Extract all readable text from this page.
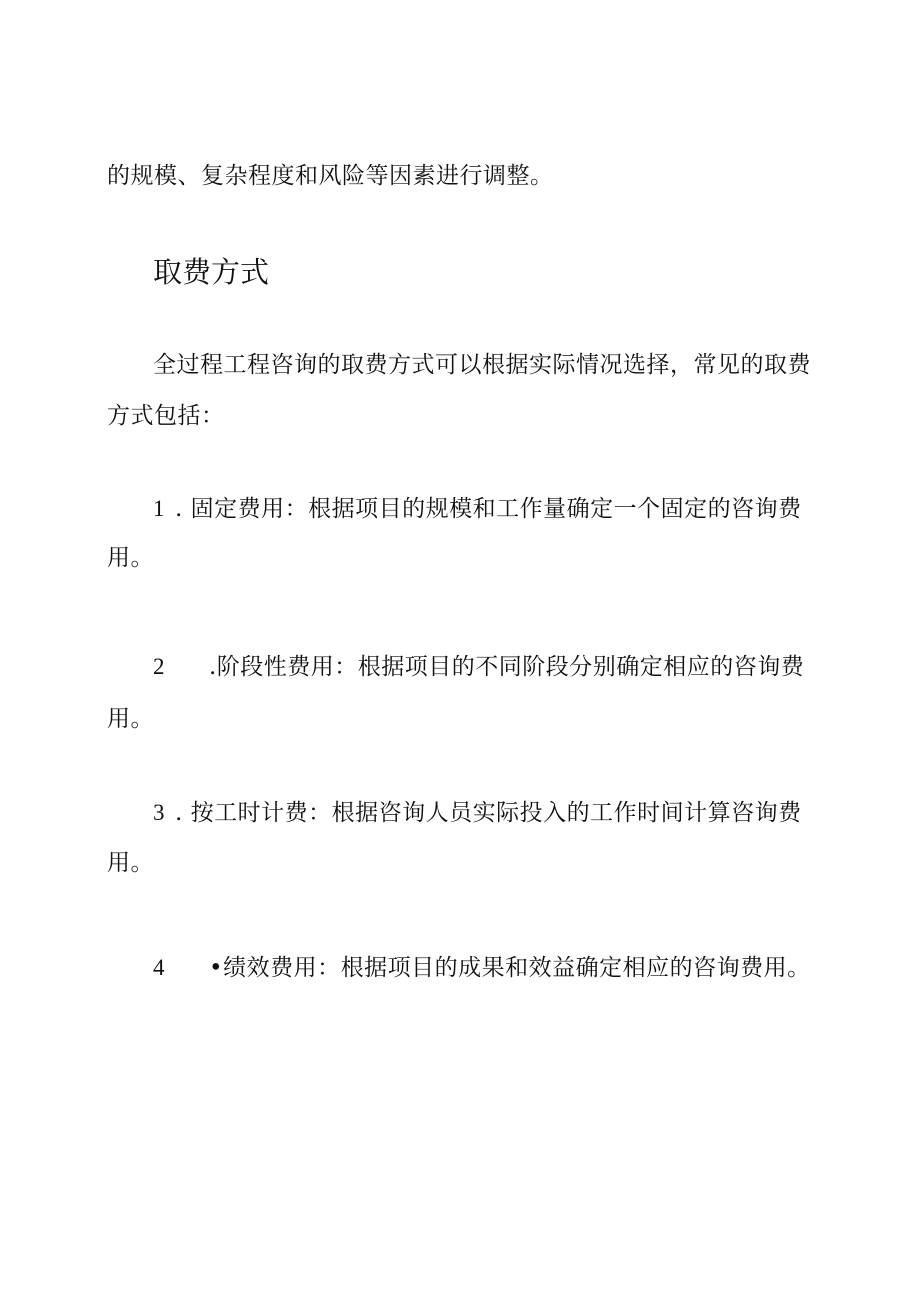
的规模、复杂程度和风险等因素进行调整。
取费方式
全过程工程咨询的取费方式可以根据实际情况选择，常见的取费
方式包括：
1 . 固定费用：根据项目的规模和工作量确定一个固定的咨询费
用。
2 .阶段性费用：根据项目的不同阶段分别确定相应的咨询费
用。
3 . 按工时计费：根据咨询人员实际投入的工作时间计算咨询费
用。
4 •绩效费用：根据项目的成果和效益确定相应的咨询费用。
